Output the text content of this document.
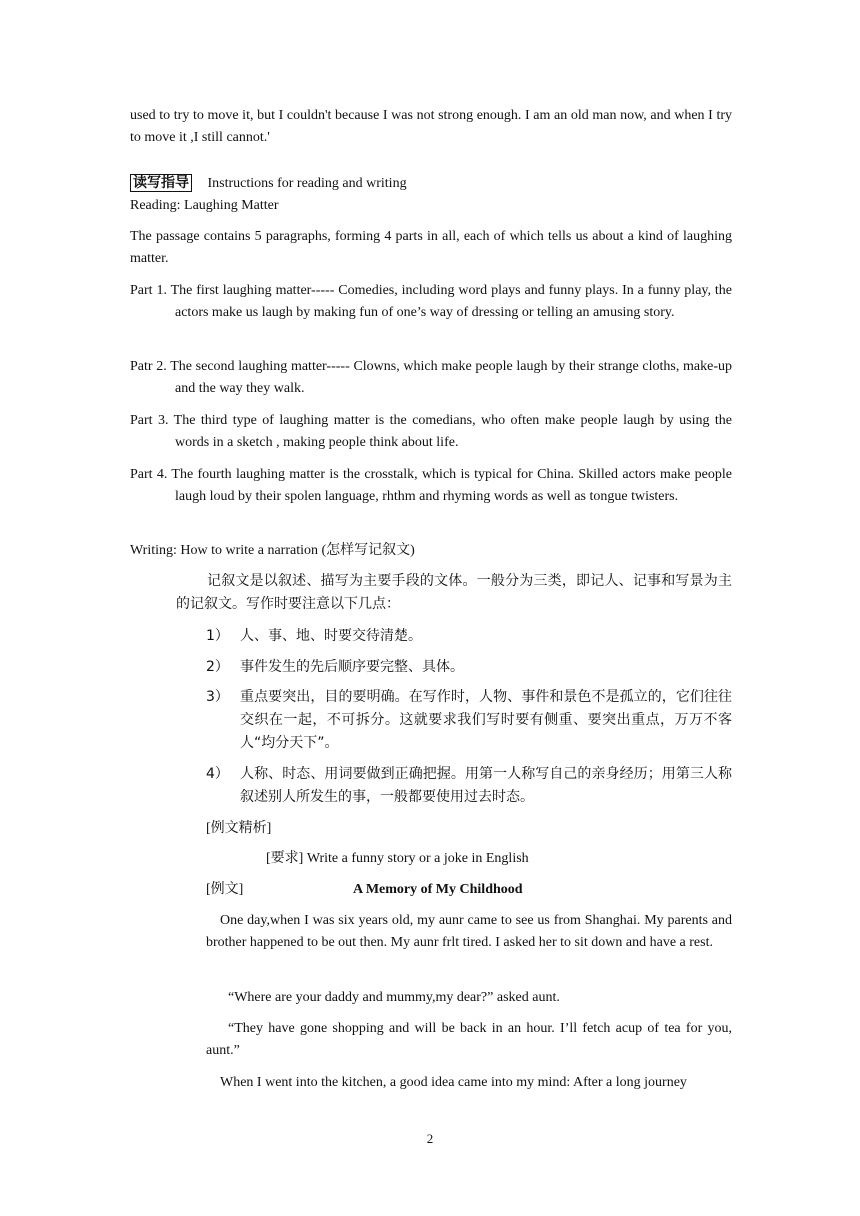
used to try to move it, but I couldn't because I was not strong enough. I am an old man now, and when I try to move it ,I still cannot.'
读写指导 Instructions for reading and writing
Reading: Laughing Matter
The passage contains 5 paragraphs, forming 4 parts in all, each of which tells us about a kind of laughing matter.
Part 1. The first laughing matter----- Comedies, including word plays and funny plays. In a funny play, the actors make us laugh by making fun of one’s way of dressing or telling an amusing story.
Patr 2. The second laughing matter----- Clowns, which make people laugh by their strange cloths, make-up and the way they walk.
Part 3. The third type of laughing matter is the comedians, who often make people laugh by using the words in a sketch , making people think about life.
Part 4. The fourth laughing matter is the crosstalk, which is typical for China. Skilled actors make people laugh loud by their spolen language, rhthm and rhyming words as well as tongue twisters.
Writing: How to write a narration (怎样写记叙文)
记叙文是以叙述、描写为主要手段的文体。一般分为三类，即记人、记事和写景为主的记叙文。写作时要注意以下几点：
1） 人、事、地、时要交待清楚。
2） 事件发生的先后顺序要完整、具体。
3） 重点要突出，目的要明确。在写作时，人物、事件和景色不是孤立的，它们往往交织在一起，不可拆分。这就要求我们写时要有侧重、要突出重点，万万不客人“均分天下”。
4） 人称、时态、用词要做到正确把握。用第一人称写自己的亲身经历；用第三人称叙述别人所发生的事，一般都要使用过去时态。
[例文精析]
[要求] Write a funny story or a joke in English
[例文]	A Memory of My Childhood
One day,when I was six years old, my aunr came to see us from Shanghai. My parents and brother happened to be out then. My aunr frlt tired. I asked her to sit down and have a rest.
“Where are your daddy and mummy,my dear?” asked aunt.
“They have gone shopping and will be back in an hour. I’ll fetch acup of tea for you, aunt.”
When I went into the kitchen, a good idea came into my mind: After a long journey
2
